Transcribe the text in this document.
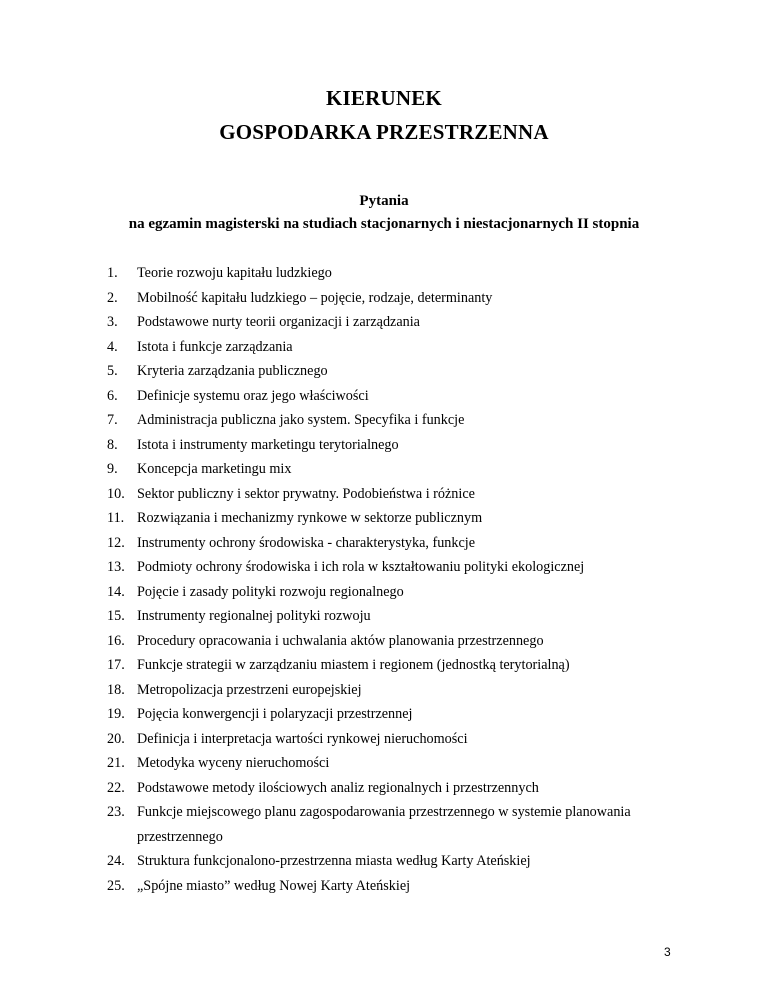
KIERUNEK
GOSPODARKA PRZESTRZENNA

Pytania

na egzamin magisterski na studiach stacjonarnych i niestacjonarnych II stopnia

1.	Teorie rozwoju kapitału ludzkiego
2.	Mobilność kapitału ludzkiego – pojęcie, rodzaje, determinanty
3.	Podstawowe nurty teorii organizacji i zarządzania
4.	Istota i funkcje zarządzania
5.	Kryteria zarządzania publicznego
6.	Definicje systemu oraz jego właściwości
7.	Administracja publiczna jako system. Specyfika i funkcje
8.	Istota i instrumenty marketingu terytorialnego
9.	Koncepcja marketingu mix
10. Sektor publiczny i sektor prywatny. Podobieństwa i różnice
11. Rozwiązania i mechanizmy rynkowe w sektorze publicznym
12. Instrumenty ochrony środowiska - charakterystyka, funkcje
13. Podmioty ochrony środowiska i ich rola w kształtowaniu polityki ekologicznej
14. Pojęcie i zasady polityki rozwoju regionalnego
15. Instrumenty regionalnej polityki rozwoju
16. Procedury opracowania i uchwalania aktów planowania przestrzennego
17. Funkcje strategii w zarządzaniu miastem i regionem (jednostką terytorialną)
18. Metropolizacja przestrzeni europejskiej
19. Pojęcia konwergencji i polaryzacji przestrzennej
20. Definicja i interpretacja wartości rynkowej nieruchomości
21. Metodyka wyceny nieruchomości
22. Podstawowe metody ilościowych analiz regionalnych i przestrzennych
23. Funkcje miejscowego planu zagospodarowania przestrzennego w systemie planowania przestrzennego
24. Struktura funkcjonalono-przestrzenna miasta według Karty Ateńskiej
25. „Spójne miasto” według Nowej Karty Ateńskiej
3
